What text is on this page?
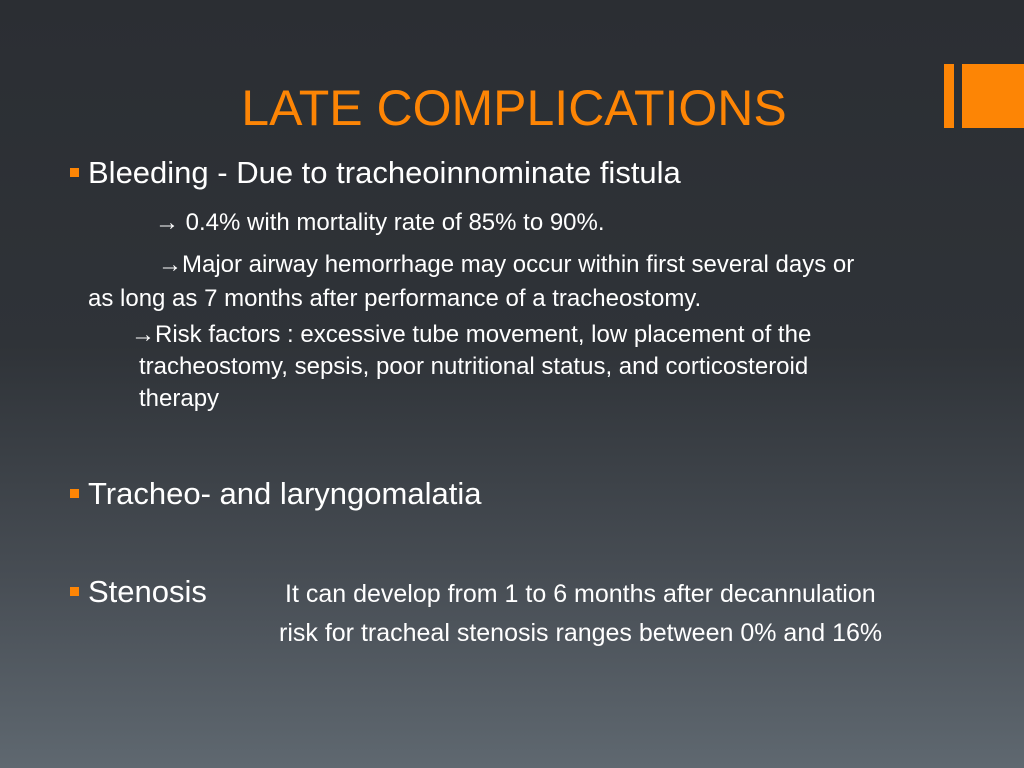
LATE COMPLICATIONS
Bleeding - Due to tracheoinnominate fistula
→ 0.4% with mortality rate of 85% to 90%.
→Major airway hemorrhage may occur within first several days or
as long as 7 months after performance of a tracheostomy.
→Risk factors : excessive tube movement, low placement of the
tracheostomy, sepsis, poor nutritional status, and corticosteroid
therapy
Tracheo- and laryngomalatia
Stenosis	It can develop from 1 to 6 months after decannulation
risk for tracheal stenosis ranges between 0% and 16%
